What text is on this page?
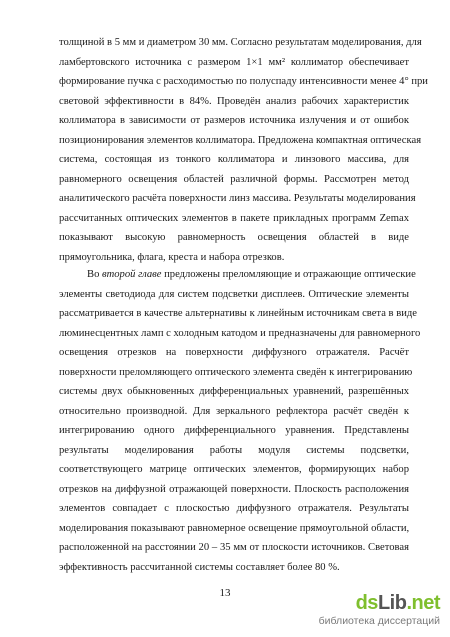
толщиной в 5 мм и диаметром 30 мм. Согласно результатам моделирования, для
ламбертовского источника с размером 1×1 мм² коллиматор обеспечивает
формирование пучка с расходимостью по полуспаду интенсивности менее 4° при
световой эффективности в 84%. Проведён анализ рабочих характеристик
коллиматора в зависимости от размеров источника излучения и от ошибок
позиционирования элементов коллиматора. Предложена компактная оптическая
система, состоящая из тонкого коллиматора и линзового массива, для
равномерного освещения областей различной формы. Рассмотрен метод
аналитического расчёта поверхности линз массива. Результаты моделирования
рассчитанных оптических элементов в пакете прикладных программ Zemax
показывают высокую равномерность освещения областей в виде
прямоугольника, флага, креста и набора отрезков.
Во второй главе предложены преломляющие и отражающие оптические
элементы светодиода для систем подсветки дисплеев. Оптические элементы
рассматривается в качестве альтернативы к линейным источникам света в виде
люминесцентных ламп с холодным катодом и предназначены для равномерного
освещения отрезков на поверхности диффузного отражателя. Расчёт
поверхности преломляющего оптического элемента сведён к интегрированию
системы двух обыкновенных дифференциальных уравнений, разрешённых
относительно производной. Для зеркального рефлектора расчёт сведён к
интегрированию одного дифференциального уравнения. Представлены
результаты моделирования работы модуля системы подсветки,
соответствующего матрице оптических элементов, формирующих набор
отрезков на диффузной отражающей поверхности. Плоскость расположения
элементов совпадает с плоскостью диффузного отражателя. Результаты
моделирования показывают равномерное освещение прямоугольной области,
расположенной на расстоянии 20 – 35 мм от плоскости источников. Световая
эффективность рассчитанной системы составляет более 80 %.
13	dsLib.net
библиотека диссертаций
